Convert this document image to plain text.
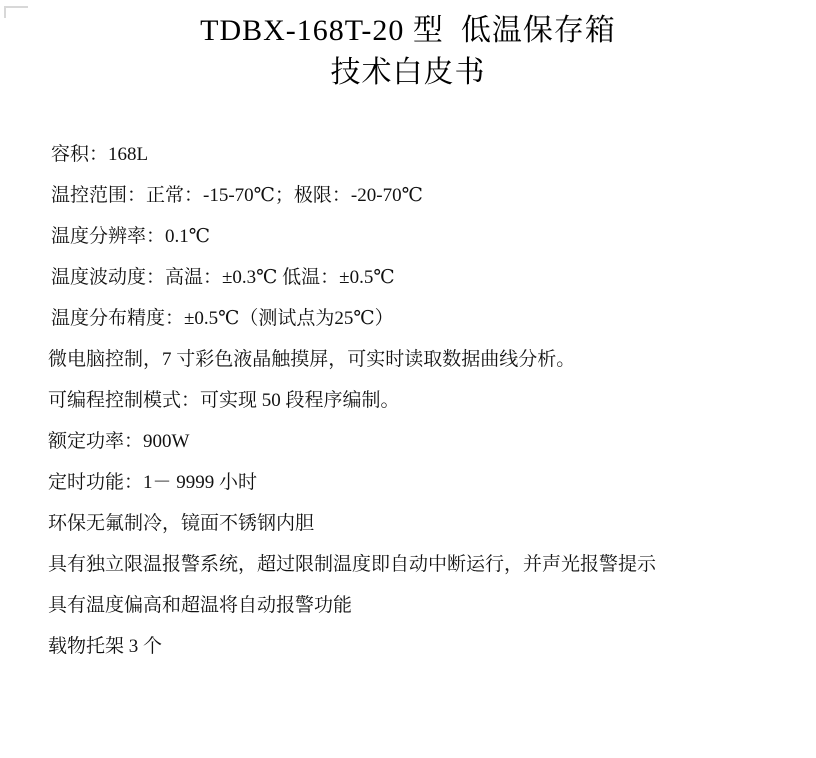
TDBX-168T-20 型  低温保存箱
技术白皮书
容积：168L
温控范围：正常：-15-70℃；极限：-20-70℃
温度分辨率：0.1℃
温度波动度：高温：±0.3℃ 低温：±0.5℃
温度分布精度：±0.5℃（测试点为25℃）
微电脑控制，7 寸彩色液晶触摸屏，可实时读取数据曲线分析。
可编程控制模式：可实现 50 段程序编制。
额定功率：900W
定时功能：1－ 9999 小时
环保无氟制冷，镜面不锈钢内胆
具有独立限温报警系统，超过限制温度即自动中断运行，并声光报警提示
具有温度偏高和超温将自动报警功能
载物托架 3 个
